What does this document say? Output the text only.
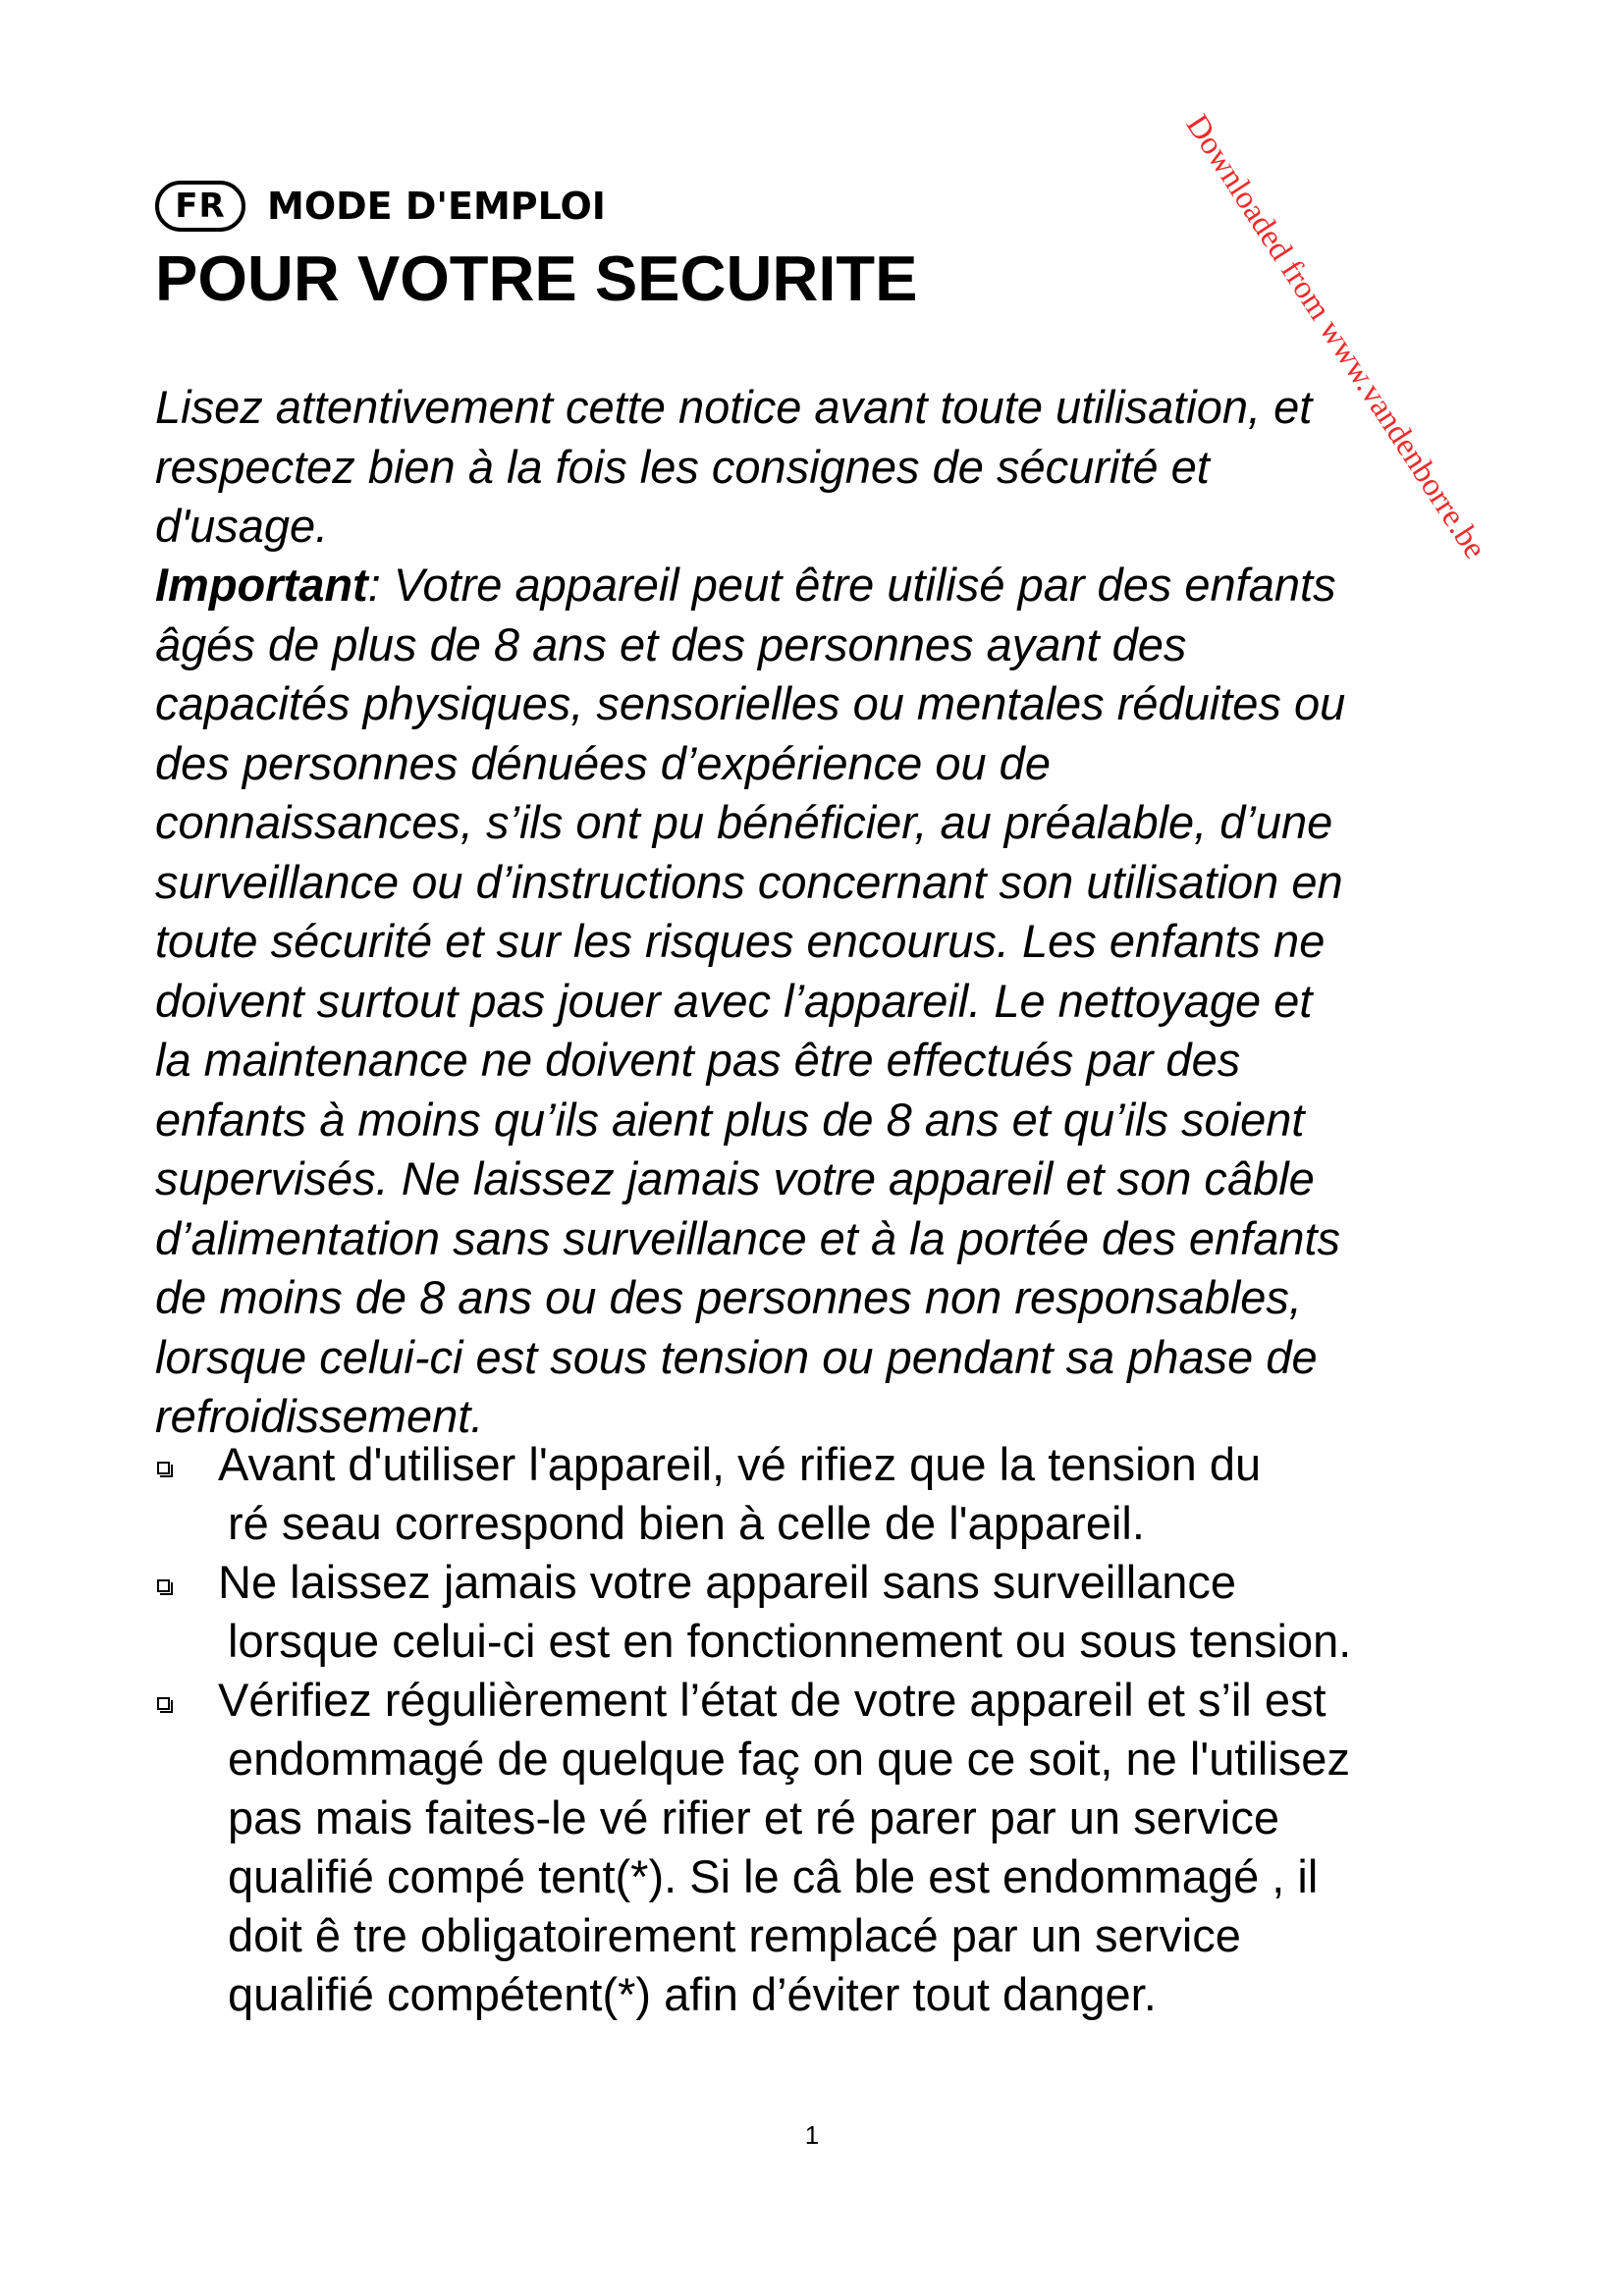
FR	MODE D'EMPLOI
POUR VOTRE SECURITE

Lisez attentivement cette notice avant toute utilisation, et
respectez bien à la fois les consignes de sécurité et
d'usage.

Important: Votre appareil peut être utilisé par des enfants
âgés de plus de 8 ans et des personnes ayant des
capacités physiques, sensorielles ou mentales réduites ou
des personnes dénuées d’expérience ou de
connaissances, s’ils ont pu bénéficier, au préalable, d’une
surveillance ou d’instructions concernant son utilisation en
toute sécurité et sur les risques encourus. Les enfants ne
doivent surtout pas jouer avec l’appareil. Le nettoyage et
la maintenance ne doivent pas être effectués par des
enfants à moins qu’ils aient plus de 8 ans et qu’ils soient
supervisés. Ne laissez jamais votre appareil et son câble
d’alimentation sans surveillance et à la portée des enfants
de moins de 8 ans ou des personnes non responsables,
lorsque celui-ci est sous tension ou pendant sa phase de
refroidissement.

Avant d'utiliser l'appareil, vé rifiez que la tension du
ré seau correspond bien à celle de l'appareil.
Ne laissez jamais votre appareil sans surveillance
lorsque celui-ci est en fonctionnement ou sous tension.
Vérifiez régulièrement l’état de votre appareil et s’il est
endommagé de quelque faç on que ce soit, ne l'utilisez
pas mais faites-le vé rifier et ré parer par un service
qualifié compé tent(*). Si le câ ble est endommagé , il
doit ê tre obligatoirement remplacé par un service
qualifié compétent(*) afin d’éviter tout danger.
1
Downloaded from www.vandenborre.be
